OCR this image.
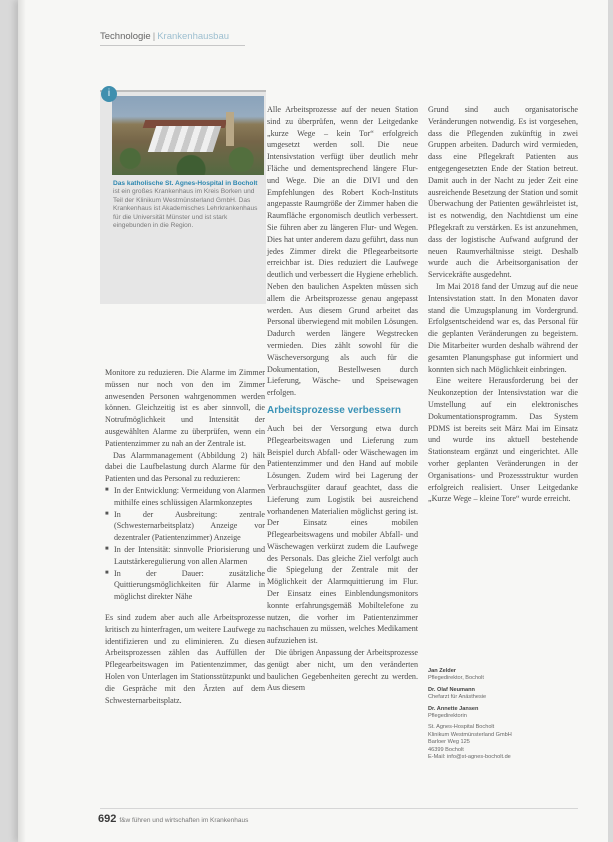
Technologie | Krankenhausbau
i
Das katholische St. Agnes-Hospital in Bocholt ist ein großes Krankenhaus im Kreis Borken und Teil der Klinikum Westmünsterland GmbH. Das Krankenhaus ist Akademisches Lehrkrankenhaus für die Universität Münster und ist stark eingebunden in die Region.

Monitore zu reduzieren. Die Alarme im Zimmer müssen nur noch von den im Zimmer anwesenden Personen wahrgenommen werden können. Gleichzeitig ist es aber sinnvoll, die Notrufmöglichkeit und Intensität der ausgewählten Alarme zu überprüfen, wenn ein Patientenzimmer zu nah an der Zentrale ist.

Das Alarmmanagement (Abbildung 2) hält dabei die Laufbelastung durch Alarme für den Patienten und das Personal zu reduzieren:

■ In der Entwicklung: Vermeidung von Alarmen mithilfe eines schlüssigen Alarmkonzeptes
■ In der Ausbreitung: zentrale (Schwesternarbeitsplatz) Anzeige vor dezentraler (Patientenzimmer) Anzeige
■ In der Intensität: sinnvolle Priorisierung und Lautstärkeregulierung von allen Alarmen
■ In der Dauer: zusätzliche Quittierungsmöglichkeiten für Alarme in möglichst direkter Nähe

Es sind zudem aber auch alle Arbeitsprozesse kritisch zu hinterfragen, um weitere Laufwege zu identifizieren und zu eliminieren. Zu diesen Arbeitsprozessen zählen das Auffüllen der Pflegearbeitswagen im Patientenzimmer, das Holen von Unterlagen im Stationsstützpunkt und die Gespräche mit den Ärzten auf dem Schwesternarbeitsplatz.

Alle Arbeitsprozesse auf der neuen Station sind zu überprüfen, wenn der Leitgedanke „kurze Wege – kein Tor“ erfolgreich umgesetzt werden soll. Die neue Intensivstation verfügt über deutlich mehr Fläche und dementsprechend längere Flur- und Wege. Die an die DIVI und den Empfehlungen des Robert Koch-Instituts angepasste Raumgröße der Zimmer haben die Raumfläche ergonomisch deutlich verbessert. Sie führen aber zu längeren Flur- und Wegen. Dies hat unter anderem dazu geführt, dass nun jedes Zimmer direkt die Pflegearbeitsorte erreichbar ist. Dies reduziert die Laufwege deutlich und verbessert die Hygiene erheblich. Neben den baulichen Aspekten müssen sich allem die Arbeitsprozesse genau angepasst werden. Aus diesem Grund arbeitet das Personal überwiegend mit mobilen Lösungen. Dadurch werden längere Wegstrecken vermieden. Dies zählt sowohl für die Wäscheversorgung als auch für die Dokumentation, Bestellwesen durch Lieferung, Wäsche- und Speisewagen erfolgen.

Arbeitsprozesse verbessern

Auch bei der Versorgung etwa durch Pflegearbeitswagen und Lieferung zum Beispiel durch Abfall- oder Wäschewagen im Patientenzimmer und den Hand auf mobile Lösungen. Zudem wird bei Lagerung der Verbrauchsgüter darauf geachtet, dass die Lieferung zum Logistik bei ausreichend vorhandenen Materialien möglichst gering ist. Der Einsatz eines mobilen Pflegearbeitswagens und mobiler Abfall- und Wäschewagen verkürzt zudem die Laufwege des Personals. Das gleiche Ziel verfolgt auch die Spiegelung der Zentrale mit der Möglichkeit der Alarmquittierung im Flur. Der Einsatz eines Einblendungsmonitors konnte erfahrungsgemäß Mobiltelefone zu nutzen, die vorher im Patientenzimmer nachschauen zu müssen, welches Medikament aufzuziehen ist.

Die übrigen Anpassung der Arbeitsprozesse genügt aber nicht, um den veränderten baulichen Gegebenheiten gerecht zu werden. Aus diesem

Grund sind auch organisatorische Veränderungen notwendig. Es ist vorgesehen, dass die Pflegenden zukünftig in zwei Gruppen arbeiten. Dadurch wird vermieden, dass eine Pflegekraft Patienten aus entgegengesetzten Ende der Station betreut. Damit auch in der Nacht zu jeder Zeit eine ausreichende Besetzung der Station und somit Überwachung der Patienten gewährleistet ist, ist es notwendig, den Nachtdienst um eine Pflegekraft zu verstärken. Es ist anzunehmen, dass der logistische Aufwand aufgrund der neuen Raumverhältnisse steigt. Deshalb wurde auch die Arbeitsorganisation der Servicekräfte ausgedehnt.

Im Mai 2018 fand der Umzug auf die neue Intensivstation statt. In den Monaten davor stand die Umzugsplanung im Vordergrund. Erfolgsentscheidend war es, das Personal für die geplanten Veränderungen zu begeistern. Die Mitarbeiter wurden deshalb während der gesamten Planungsphase gut informiert und konnten sich nach Möglichkeit einbringen.

Eine weitere Herausforderung bei der Neukonzeption der Intensivstation war die Umstellung auf ein elektronisches Dokumentationsprogramm. Das System PDMS ist bereits seit März Mai im Einsatz und wurde ins aktuell bestehende Stationsteam ergänzt und eingerichtet. Alle vorher geplanten Veränderungen in der Organisations- und Prozessstruktur wurden erfolgreich realisiert. Unser Leitgedanke „Kurze Wege – kleine Tore“ wurde erreicht.

Jan Zelder
Pflegedirektor, Bocholt
Dr. Olaf Neumann
Chefarzt für Anästhesie
Dr. Annette Jansen
Pflegedirektorin
St. Agnes-Hospital Bocholt
Klinikum Westmünsterland GmbH
Barloer Weg 125
46399 Bocholt
E-Mail: info@st-agnes-bocholt.de
692 f&w führen und wirtschaften im Krankenhaus
